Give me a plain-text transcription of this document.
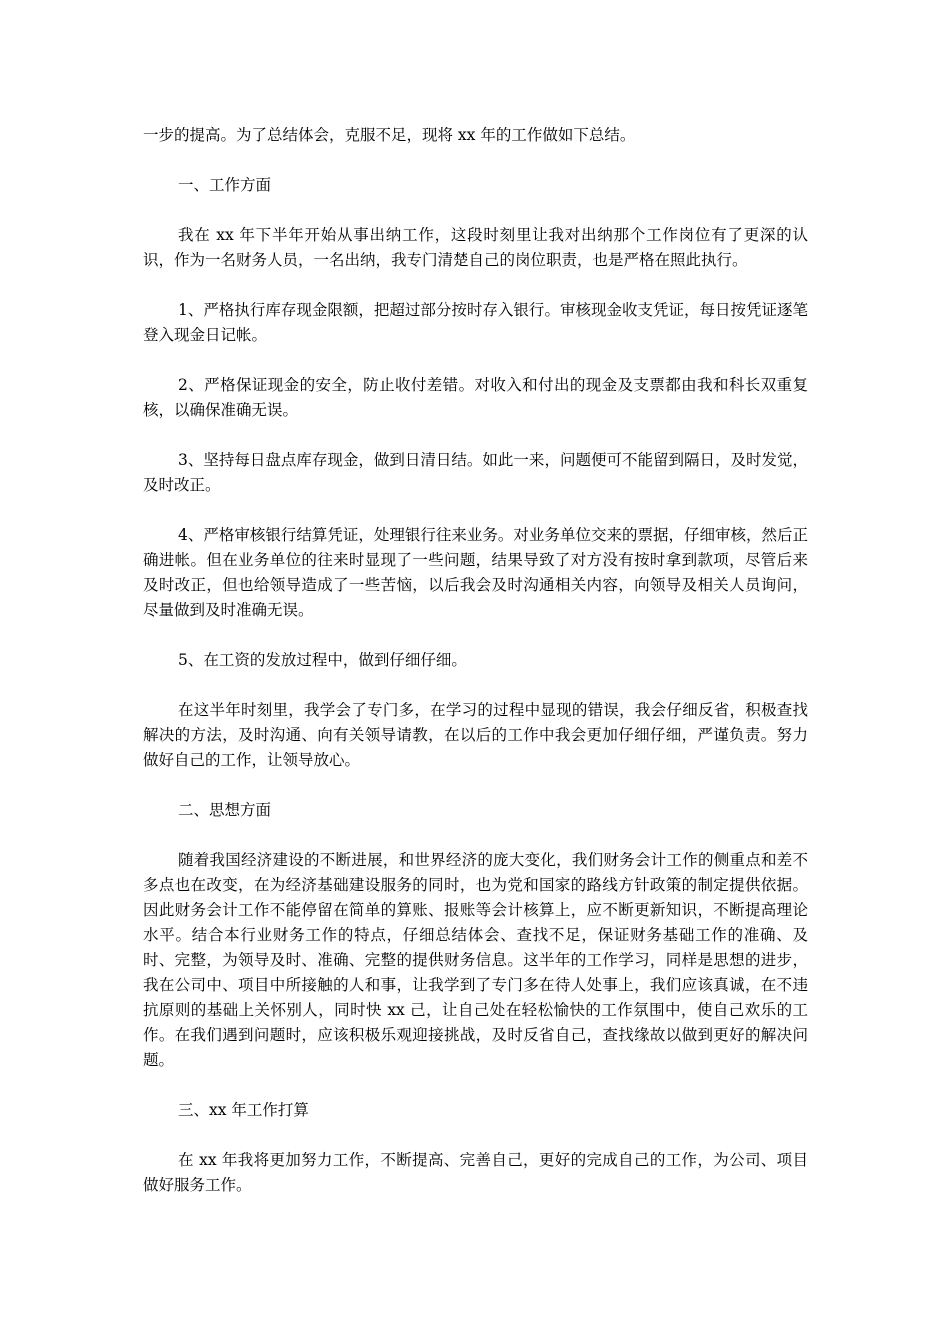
一步的提高。为了总结体会，克服不足，现将 xx 年的工作做如下总结。

一、工作方面

我在 xx 年下半年开始从事出纳工作，这段时刻里让我对出纳那个工作岗位有了更深的认识，作为一名财务人员，一名出纳，我专门清楚自己的岗位职责，也是严格在照此执行。

1、严格执行库存现金限额，把超过部分按时存入银行。审核现金收支凭证，每日按凭证逐笔登入现金日记帐。

2、严格保证现金的安全，防止收付差错。对收入和付出的现金及支票都由我和科长双重复核，以确保准确无误。

3、坚持每日盘点库存现金，做到日清日结。如此一来，问题便可不能留到隔日，及时发觉，及时改正。

4、严格审核银行结算凭证，处理银行往来业务。对业务单位交来的票据，仔细审核，然后正确进帐。但在业务单位的往来时显现了一些问题，结果导致了对方没有按时拿到款项，尽管后来及时改正，但也给领导造成了一些苦恼，以后我会及时沟通相关内容，向领导及相关人员询问，尽量做到及时准确无误。

5、在工资的发放过程中，做到仔细仔细。

在这半年时刻里，我学会了专门多，在学习的过程中显现的错误，我会仔细反省，积极查找解决的方法，及时沟通、向有关领导请教，在以后的工作中我会更加仔细仔细，严谨负责。努力做好自己的工作，让领导放心。

二、思想方面

随着我国经济建设的不断进展，和世界经济的庞大变化，我们财务会计工作的侧重点和差不多点也在改变，在为经济基础建设服务的同时，也为党和国家的路线方针政策的制定提供依据。因此财务会计工作不能停留在简单的算账、报账等会计核算上，应不断更新知识，不断提高理论水平。结合本行业财务工作的特点，仔细总结体会、查找不足，保证财务基础工作的准确、及时、完整，为领导及时、准确、完整的提供财务信息。这半年的工作学习，同样是思想的进步，我在公司中、项目中所接触的人和事，让我学到了专门多在待人处事上，我们应该真诚，在不违抗原则的基础上关怀别人，同时快 xx 己，让自己处在轻松愉快的工作氛围中，使自己欢乐的工作。在我们遇到问题时，应该积极乐观迎接挑战，及时反省自己，查找缘故以做到更好的解决问题。

三、xx 年工作打算

在 xx 年我将更加努力工作，不断提高、完善自己，更好的完成自己的工作，为公司、项目做好服务工作。
